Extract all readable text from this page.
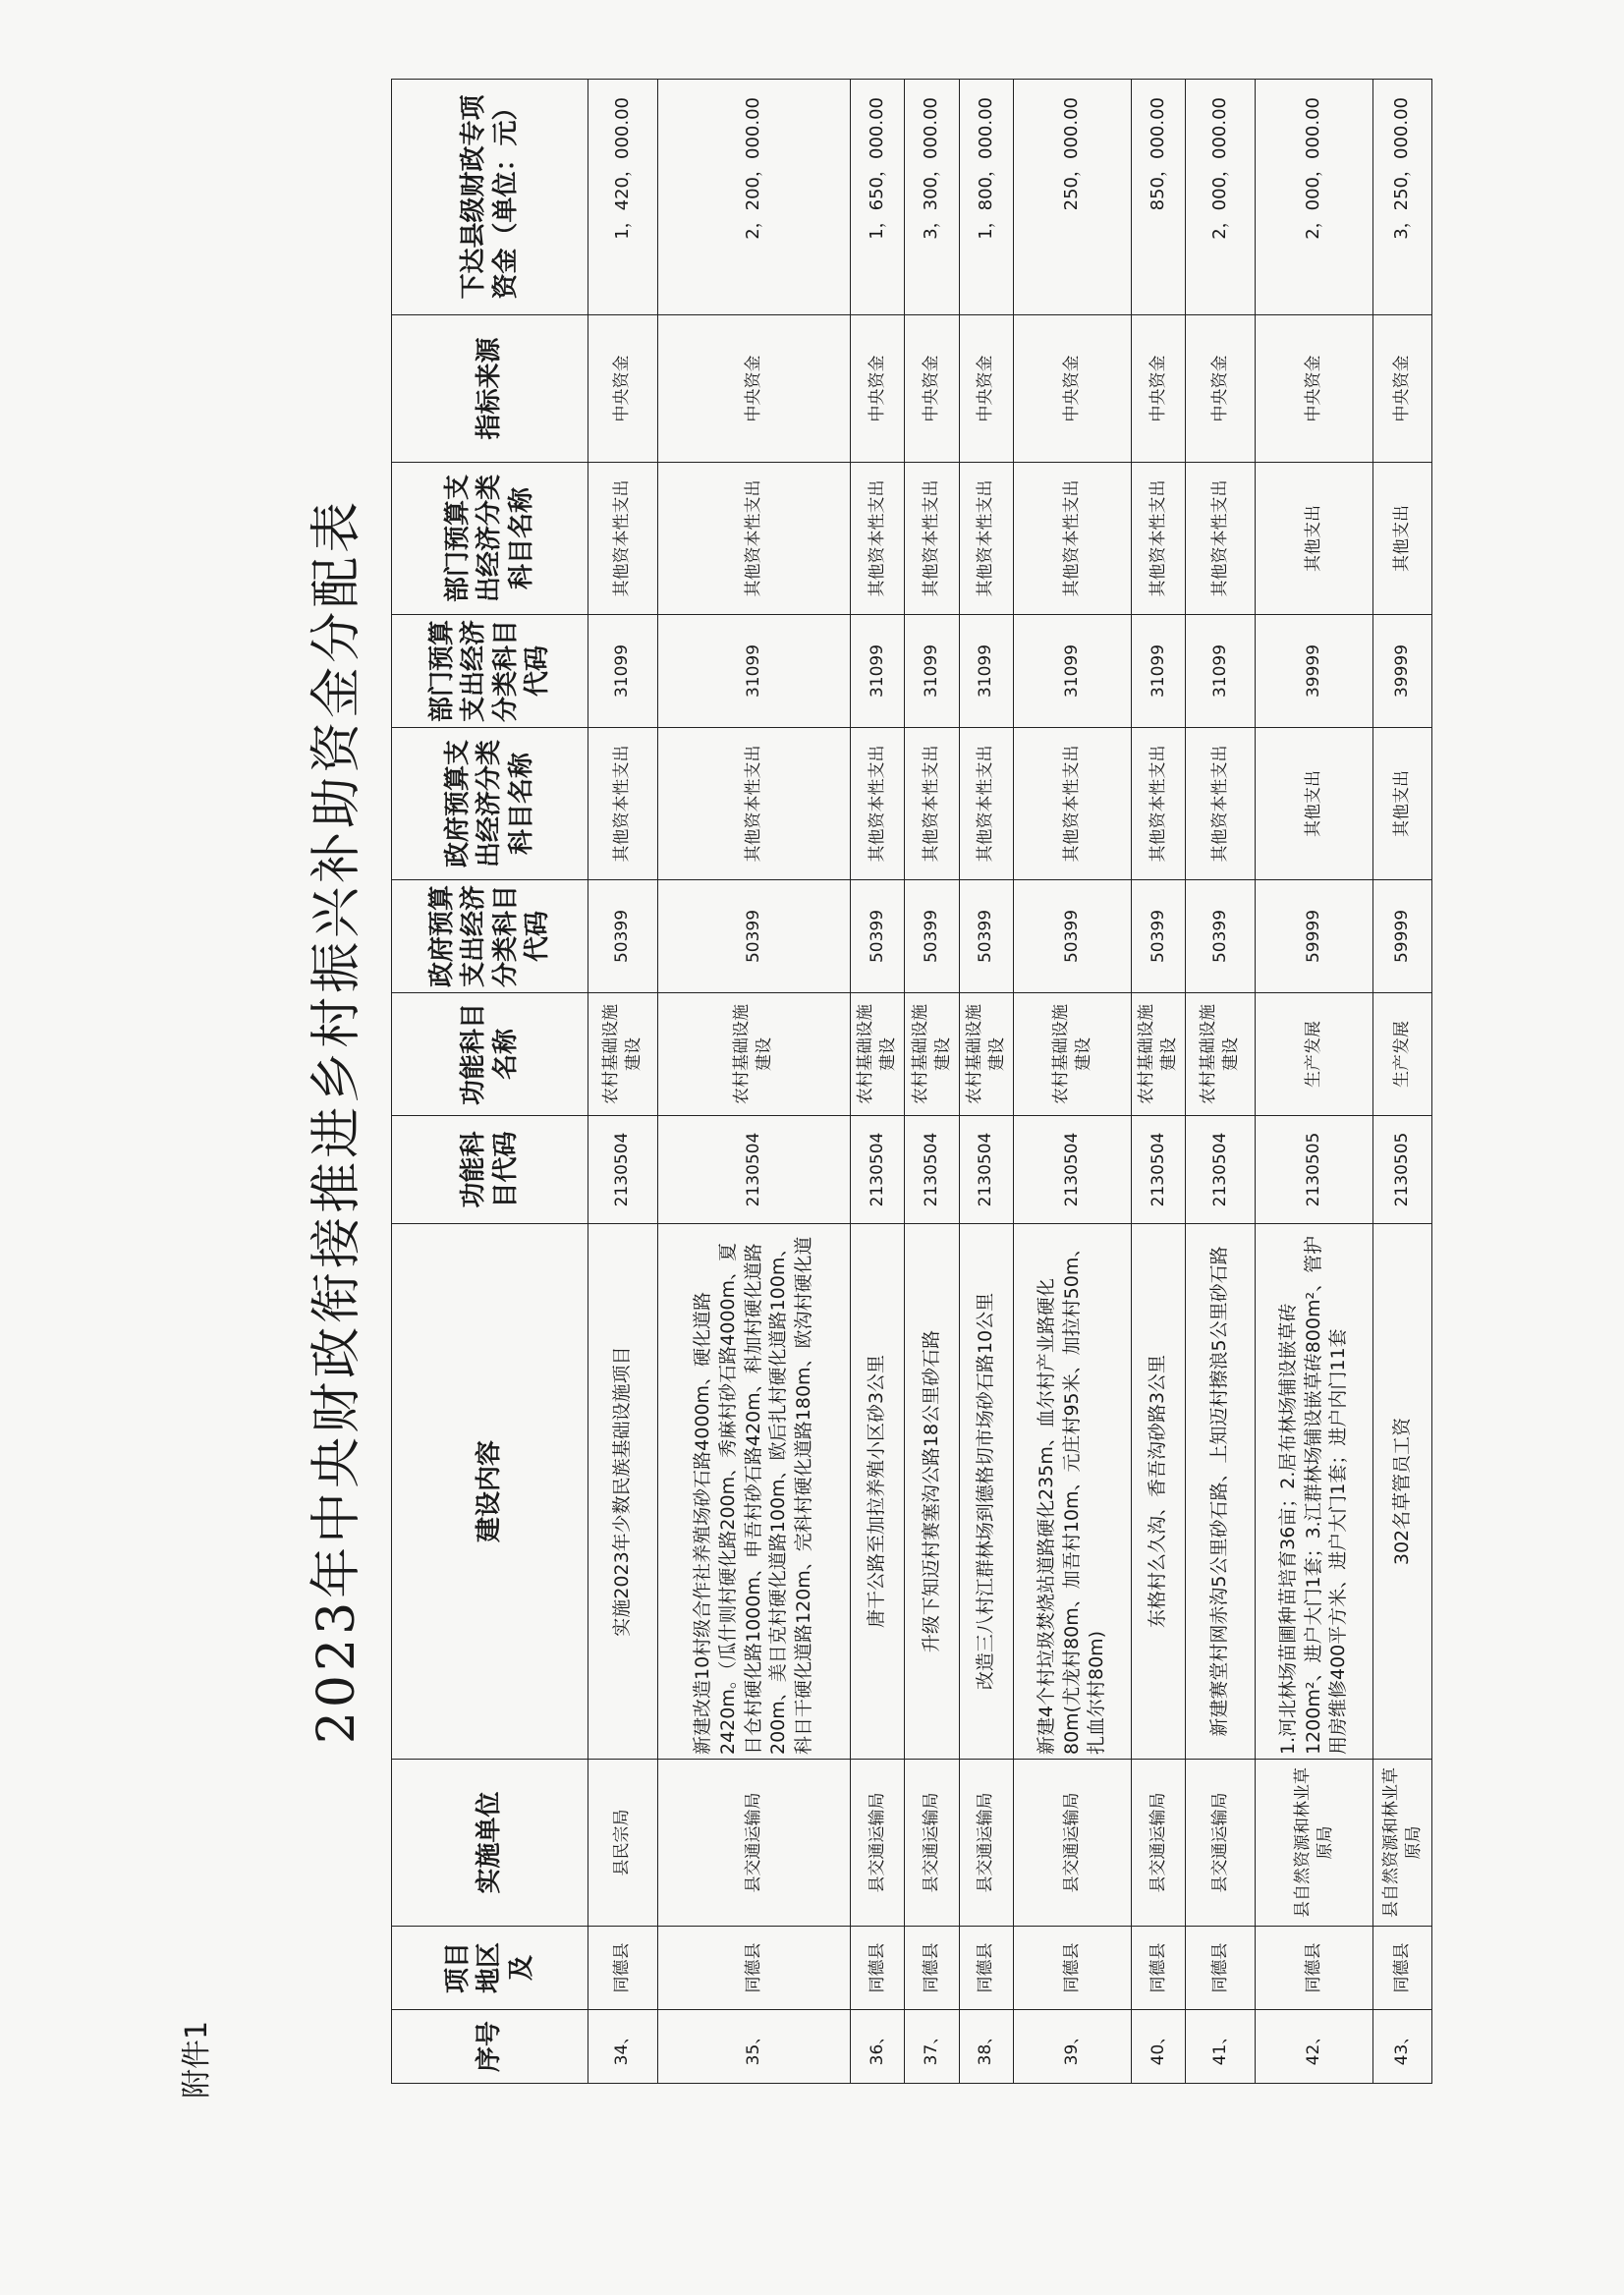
附件1
2023年中央财政衔接推进乡村振兴补助资金分配表
序号	项目地区及	实施单位	建设内容	功能科目代码	功能科目名称	政府预算支出经济分类科目代码	政府预算支出经济分类科目名称	部门预算支出经济分类科目代码	部门预算支出经济分类科目名称	指标来源	下达县级财政专项资金（单位：元）
34、	同德县	县民宗局	实施2023年少数民族基础设施项目	2130504	农村基础设施建设	50399	其他资本性支出	31099	其他资本性支出	中央资金	1，420，000.00
35、	同德县	县交通运输局	新建改造10村级合作社养殖场砂石路4000m、硬化道路2420m。（瓜什则村硬化路200m、秀麻村砂石路4000m、夏日仓村硬化路1000m、申吾村砂石路420m、科加村硬化道路200m、美日克村硬化道路100m、欧后扎村硬化道路100m、科日干硬化道路120m、完科村硬化道路180m、欧沟村硬化道	2130504	农村基础设施建设	50399	其他资本性支出	31099	其他资本性支出	中央资金	2，200，000.00
36、	同德县	县交通运输局	唐干公路至加拉养殖小区砂3公里	2130504	农村基础设施建设	50399	其他资本性支出	31099	其他资本性支出	中央资金	1，650，000.00
37、	同德县	县交通运输局	升级下知迈村赛塞沟公路18公里砂石路	2130504	农村基础设施建设	50399	其他资本性支出	31099	其他资本性支出	中央资金	3，300，000.00
38、	同德县	县交通运输局	改造三八村江群林场到德格切市场砂石路10公里	2130504	农村基础设施建设	50399	其他资本性支出	31099	其他资本性支出	中央资金	1，800，000.00
39、	同德县	县交通运输局	新建4个村垃圾焚烧站道路硬化235m、血尔村产业路硬化80m(尤龙村80m、加吾村10m、元庄村95米、加拉村50m、扎血尔村80m)	2130504	农村基础设施建设	50399	其他资本性支出	31099	其他资本性支出	中央资金	250，000.00
40、	同德县	县交通运输局	东格村么久沟、香吾沟砂路3公里	2130504	农村基础设施建设	50399	其他资本性支出	31099	其他资本性支出	中央资金	850，000.00
41、	同德县	县交通运输局	新建赛堂村网赤沟5公里砂石路、上知迈村擦浪5公里砂石路	2130504	农村基础设施建设	50399	其他资本性支出	31099	其他资本性支出	中央资金	2，000，000.00
42、	同德县	县自然资源和林业草原局	1.河北林场苗圃种苗培育36亩；2.居布林场铺设嵌草砖1200m²、进户大门1套；3.江群林场铺设嵌草砖800m²、管护用房维修400平方米、进户大门1套；进户内门11套	2130505	生产发展	59999	其他支出	39999	其他支出	中央资金	2，000，000.00
43、	同德县	县自然资源和林业草原局	302名草管员工资	2130505	生产发展	59999	其他支出	39999	其他支出	中央资金	3，250，000.00
